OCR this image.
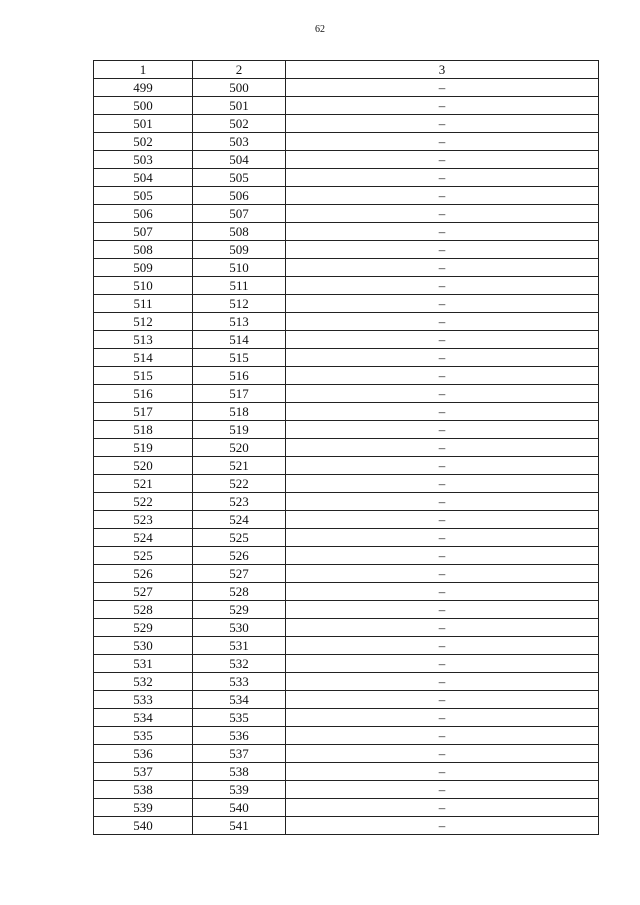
62
1	2	3
499	500	–
500	501	–
501	502	–
502	503	–
503	504	–
504	505	–
505	506	–
506	507	–
507	508	–
508	509	–
509	510	–
510	511	–
511	512	–
512	513	–
513	514	–
514	515	–
515	516	–
516	517	–
517	518	–
518	519	–
519	520	–
520	521	–
521	522	–
522	523	–
523	524	–
524	525	–
525	526	–
526	527	–
527	528	–
528	529	–
529	530	–
530	531	–
531	532	–
532	533	–
533	534	–
534	535	–
535	536	–
536	537	–
537	538	–
538	539	–
539	540	–
540	541	–
